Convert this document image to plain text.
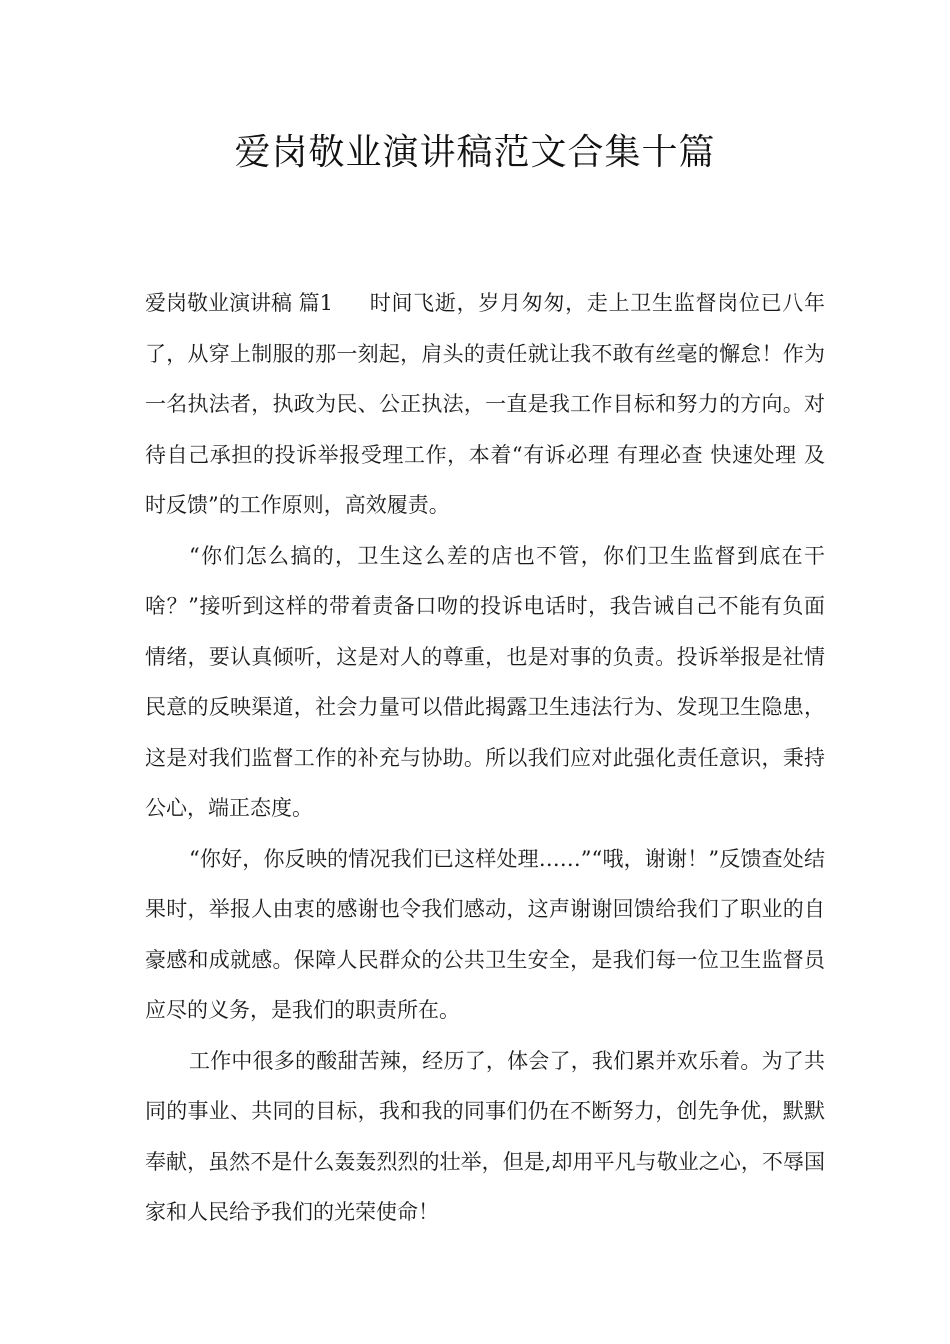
爱岗敬业演讲稿范文合集十篇

爱岗敬业演讲稿 篇1 时间飞逝，岁月匆匆，走上卫生监督岗位已八年了，从穿上制服的那一刻起，肩头的责任就让我不敢有丝毫的懈怠！作为一名执法者，执政为民、公正执法，一直是我工作目标和努力的方向。对待自己承担的投诉举报受理工作，本着“有诉必理 有理必查 快速处理 及时反馈”的工作原则，高效履责。

“你们怎么搞的，卫生这么差的店也不管，你们卫生监督到底在干啥？”接听到这样的带着责备口吻的投诉电话时，我告诫自己不能有负面情绪，要认真倾听，这是对人的尊重，也是对事的负责。投诉举报是社情民意的反映渠道，社会力量可以借此揭露卫生违法行为、发现卫生隐患，这是对我们监督工作的补充与协助。所以我们应对此强化责任意识，秉持公心，端正态度。

“你好，你反映的情况我们已这样处理……”“哦，谢谢！”反馈查处结果时，举报人由衷的感谢也令我们感动，这声谢谢回馈给我们了职业的自豪感和成就感。保障人民群众的公共卫生安全，是我们每一位卫生监督员应尽的义务，是我们的职责所在。

工作中很多的酸甜苦辣，经历了，体会了，我们累并欢乐着。为了共同的事业、共同的目标，我和我的同事们仍在不断努力，创先争优，默默奉献，虽然不是什么轰轰烈烈的壮举，但是,却用平凡与敬业之心，不辱国家和人民给予我们的光荣使命！
